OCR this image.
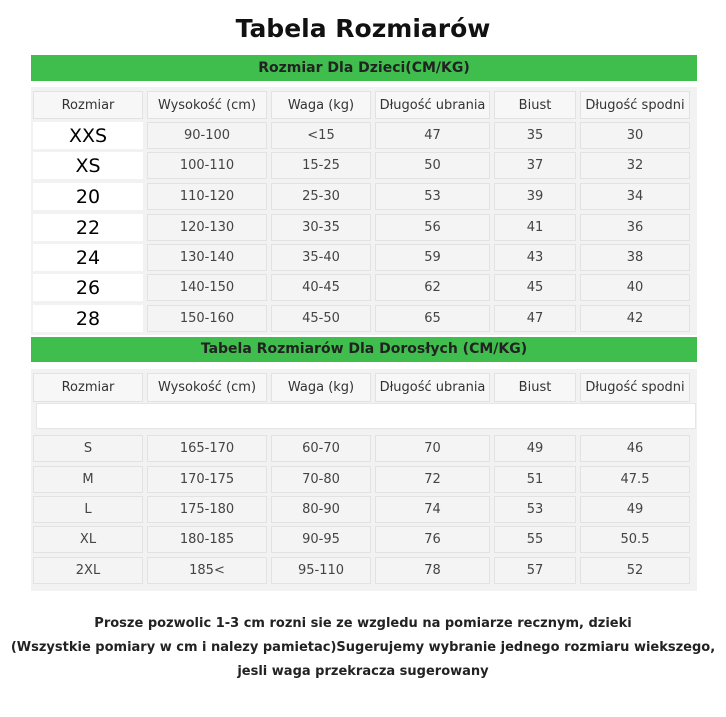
Tabela Rozmiarów
Rozmiar Dla Dzieci(CM/KG)
Rozmiar	Wysokość (cm)	Waga (kg)	Długość ubrania	Biust	Długość spodni
XXS	90-100	<15	47	35	30
XS	100-110	15-25	50	37	32
20	110-120	25-30	53	39	34
22	120-130	30-35	56	41	36
24	130-140	35-40	59	43	38
26	140-150	40-45	62	45	40
28	150-160	45-50	65	47	42
Tabela Rozmiarów Dla Dorosłych (CM/KG)
Rozmiar	Wysokość (cm)	Waga (kg)	Długość ubrania	Biust	Długość spodni
S	165-170	60-70	70	49	46
M	170-175	70-80	72	51	47.5
L	175-180	80-90	74	53	49
XL	180-185	90-95	76	55	50.5
2XL	185<	95-110	78	57	52
Prosze pozwolic 1-3 cm rozni sie ze wzgledu na pomiarze recznym, dzieki
(Wszystkie pomiary w cm i nalezy pamietac)Sugerujemy wybranie jednego rozmiaru wiekszego,
jesli waga przekracza sugerowany
